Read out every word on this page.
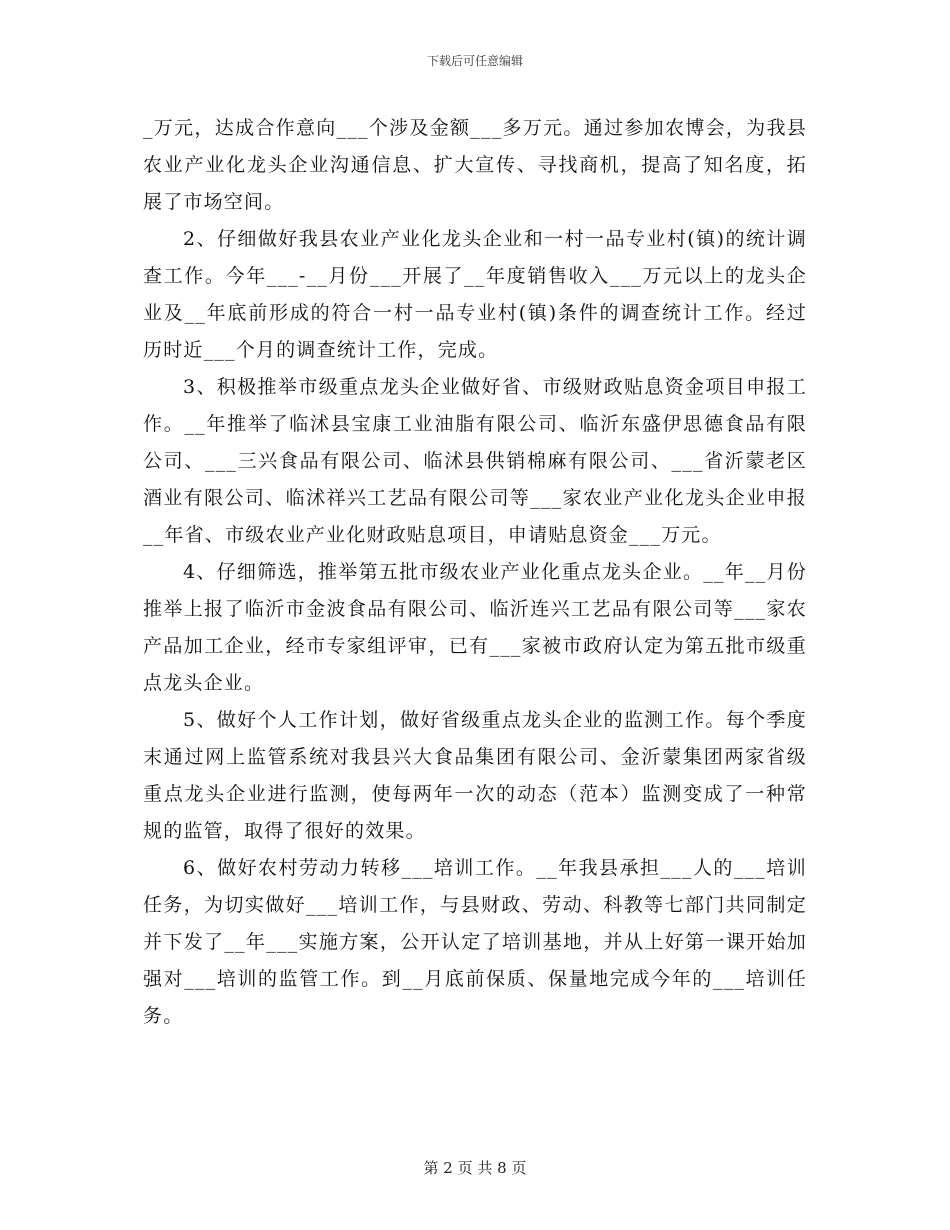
下载后可任意编辑

_万元，达成合作意向___个涉及金额___多万元。通过参加农博会，为我县农业产业化龙头企业沟通信息、扩大宣传、寻找商机，提高了知名度，拓展了市场空间。

2、仔细做好我县农业产业化龙头企业和一村一品专业村(镇)的统计调查工作。今年___-__月份___开展了__年度销售收入___万元以上的龙头企业及__年底前形成的符合一村一品专业村(镇)条件的调查统计工作。经过历时近___个月的调查统计工作，完成。

3、积极推举市级重点龙头企业做好省、市级财政贴息资金项目申报工作。__年推举了临沭县宝康工业油脂有限公司、临沂东盛伊思德食品有限公司、___三兴食品有限公司、临沭县供销棉麻有限公司、___省沂蒙老区酒业有限公司、临沭祥兴工艺品有限公司等___家农业产业化龙头企业申报__年省、市级农业产业化财政贴息项目，申请贴息资金___万元。

4、仔细筛选，推举第五批市级农业产业化重点龙头企业。__年__月份推举上报了临沂市金波食品有限公司、临沂连兴工艺品有限公司等___家农产品加工企业，经市专家组评审，已有___家被市政府认定为第五批市级重点龙头企业。

5、做好个人工作计划，做好省级重点龙头企业的监测工作。每个季度末通过网上监管系统对我县兴大食品集团有限公司、金沂蒙集团两家省级重点龙头企业进行监测，使每两年一次的动态（范本）监测变成了一种常规的监管，取得了很好的效果。

6、做好农村劳动力转移___培训工作。__年我县承担___人的___培训任务，为切实做好___培训工作，与县财政、劳动、科教等七部门共同制定并下发了__年___实施方案，公开认定了培训基地，并从上好第一课开始加强对___培训的监管工作。到__月底前保质、保量地完成今年的___培训任务。

第 2 页 共 8 页
